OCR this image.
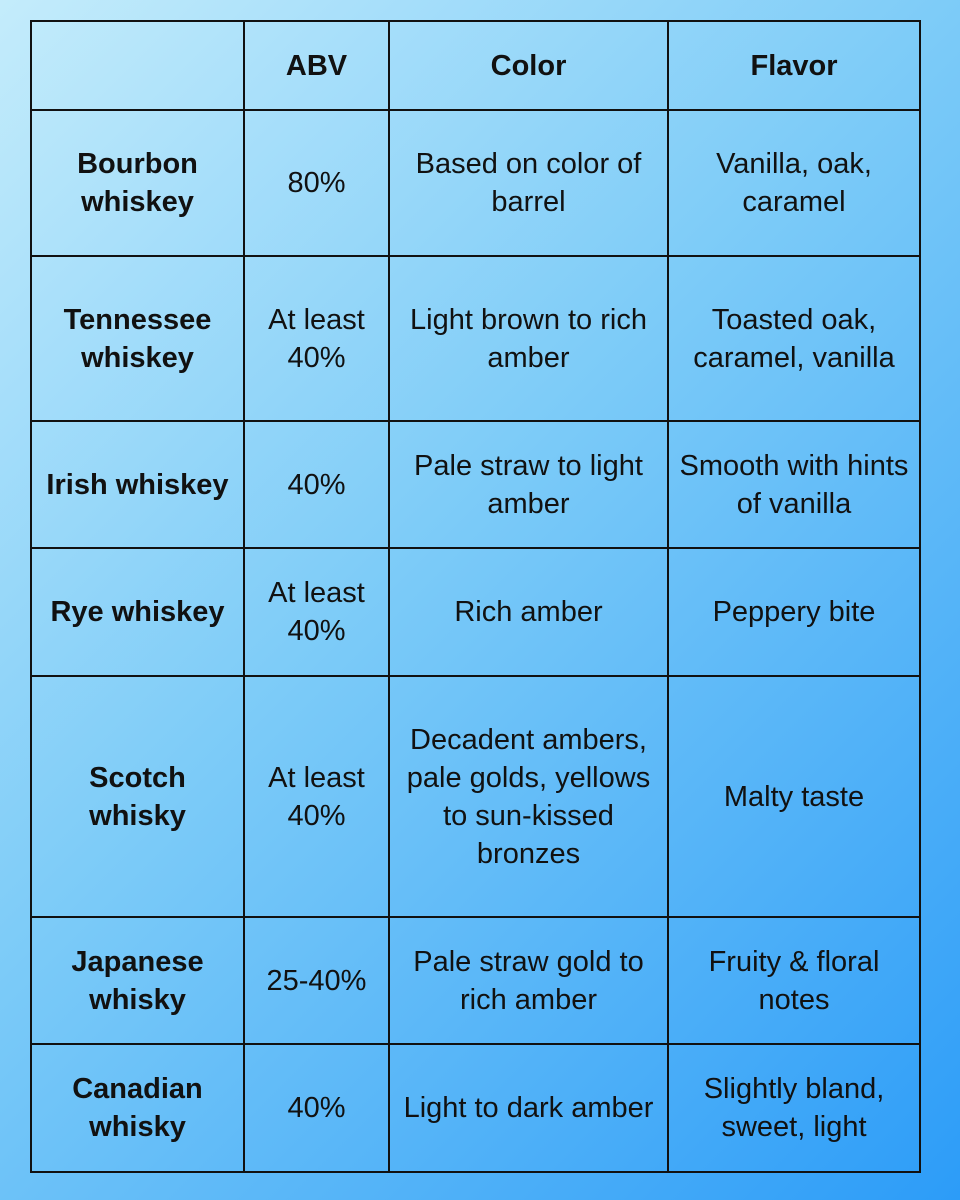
	ABV	Color	Flavor
Bourbon whiskey	80%	Based on color of barrel	Vanilla, oak, caramel
Tennessee whiskey	At least 40%	Light brown to rich amber	Toasted oak, caramel, vanilla
Irish whiskey	40%	Pale straw to light amber	Smooth with hints of vanilla
Rye whiskey	At least 40%	Rich amber	Peppery bite
Scotch whisky	At least 40%	Decadent ambers, pale golds, yellows to sun-kissed bronzes	Malty taste
Japanese whisky	25-40%	Pale straw gold to rich amber	Fruity & floral notes
Canadian whisky	40%	Light to dark amber	Slightly bland, sweet, light
